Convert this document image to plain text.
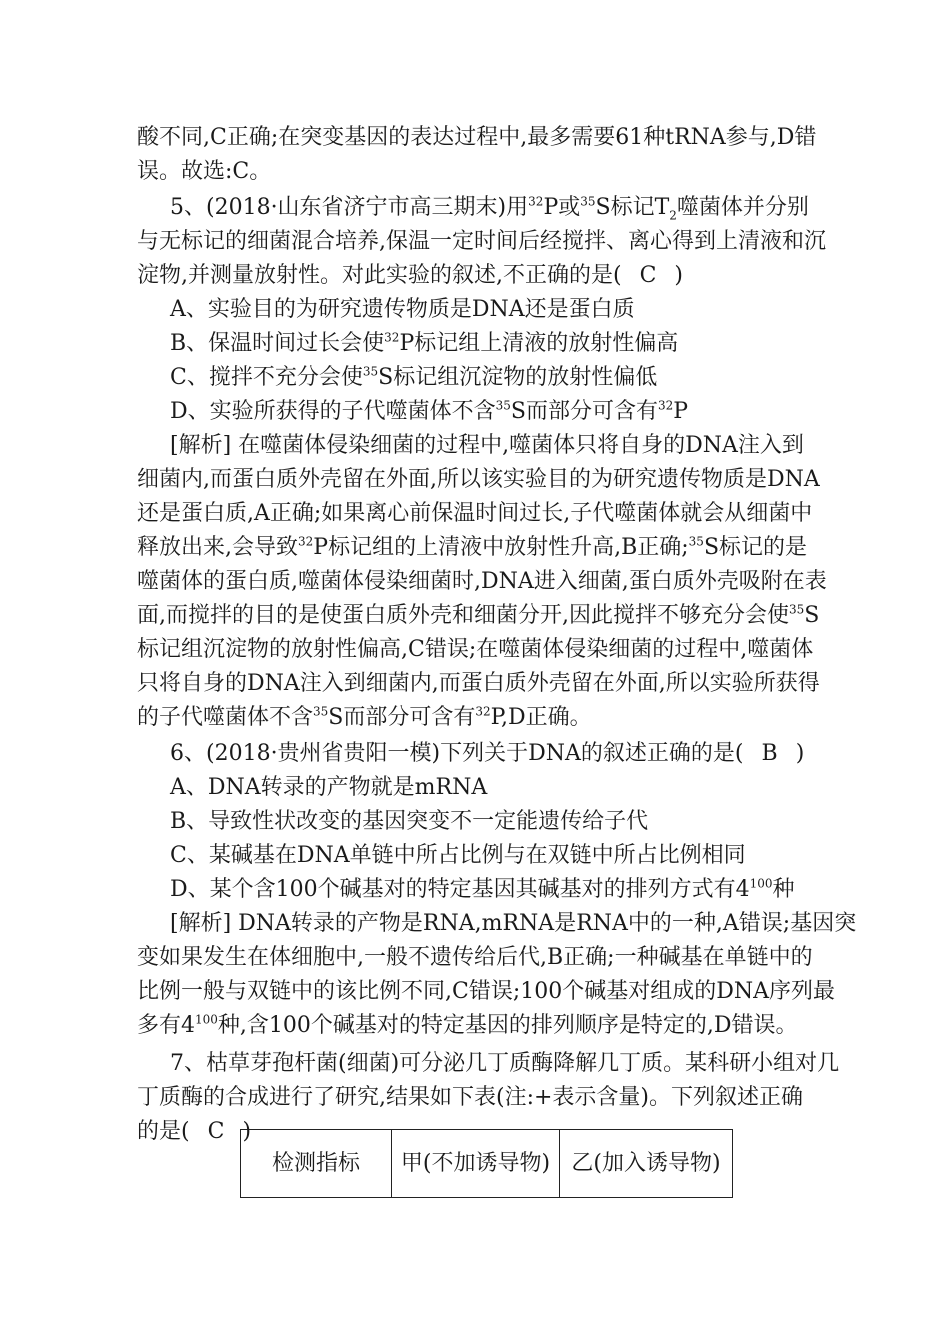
酸不同,C正确;在突变基因的表达过程中,最多需要61种tRNA参与,D错
误。故选:C。
5、(2018·山东省济宁市高三期末)用$^{32}$P或$^{35}$S标记$T_2$噬菌体并分别
与无标记的细菌混合培养,保温一定时间后经搅拌、离心得到上清液和沉
淀物,并测量放射性。对此实验的叙述,不正确的是( C )
A、实验目的为研究遗传物质是DNA还是蛋白质
B、保温时间过长会使$^{32}$P标记组上清液的放射性偏高
C、搅拌不充分会使$^{35}$S标记组沉淀物的放射性偏低
D、实验所获得的子代噬菌体不含$^{35}$S而部分可含有$^{32}$P
[解析] 在噬菌体侵染细菌的过程中,噬菌体只将自身的DNA注入到
细菌内,而蛋白质外壳留在外面,所以该实验目的为研究遗传物质是DNA
还是蛋白质,A正确;如果离心前保温时间过长,子代噬菌体就会从细菌中
释放出来,会导致$^{32}$P标记组的上清液中放射性升高,B正确;$^{35}$S标记的是
噬菌体的蛋白质,噬菌体侵染细菌时,DNA进入细菌,蛋白质外壳吸附在表
面,而搅拌的目的是使蛋白质外壳和细菌分开,因此搅拌不够充分会使$^{35}$S
标记组沉淀物的放射性偏高,C错误;在噬菌体侵染细菌的过程中,噬菌体
只将自身的DNA注入到细菌内,而蛋白质外壳留在外面,所以实验所获得
的子代噬菌体不含$^{35}$S而部分可含有$^{32}$P,D正确。
6、(2018·贵州省贵阳一模)下列关于DNA的叙述正确的是( B )
A、DNA转录的产物就是mRNA
B、导致性状改变的基因突变不一定能遗传给子代
C、某碱基在DNA单链中所占比例与在双链中所占比例相同
D、某个含100个碱基对的特定基因其碱基对的排列方式有$4^{100}$种
[解析] DNA转录的产物是RNA,mRNA是RNA中的一种,A错误;基因突
变如果发生在体细胞中,一般不遗传给后代,B正确;一种碱基在单链中的
比例一般与双链中的该比例不同,C错误;100个碱基对组成的DNA序列最
多有$4^{100}$种,含100个碱基对的特定基因的排列顺序是特定的,D错误。
7、枯草芽孢杆菌(细菌)可分泌几丁质酶降解几丁质。某科研小组对几
丁质酶的合成进行了研究,结果如下表(注:+表示含量)。下列叙述正确
的是( C )
检测指标	甲(不加诱导物)	乙(加入诱导物)
